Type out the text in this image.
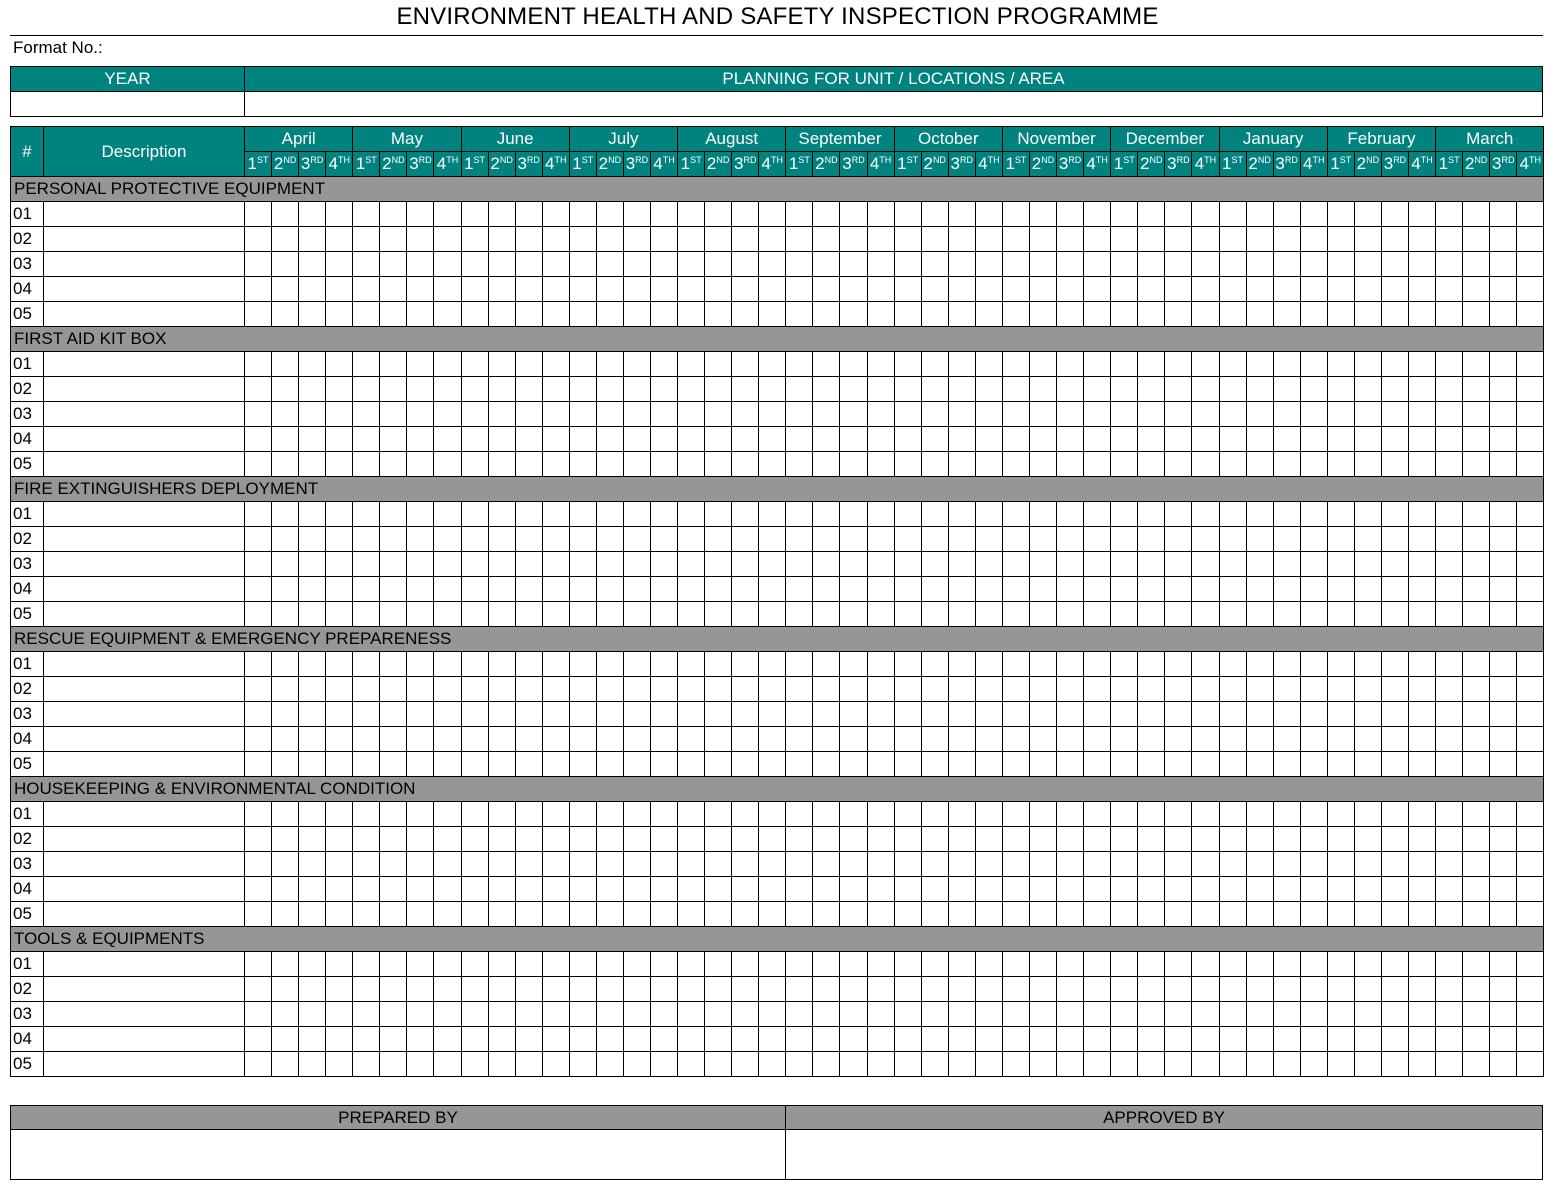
ENVIRONMENT HEALTH AND SAFETY INSPECTION PROGRAMME
Format No.:
YEAR	PLANNING FOR UNIT / LOCATIONS / AREA

#	Description	April				May				June				July				August				September				October				November				December				January				February				March			
		1ST	2ND	3RD	4TH	1ST	2ND	3RD	4TH	1ST	2ND	3RD	4TH	1ST	2ND	3RD	4TH	1ST	2ND	3RD	4TH	1ST	2ND	3RD	4TH	1ST	2ND	3RD	4TH	1ST	2ND	3RD	4TH	1ST	2ND	3RD	4TH	1ST	2ND	3RD	4TH	1ST	2ND	3RD	4TH	1ST	2ND	3RD	4TH
PERSONAL PROTECTIVE EQUIPMENT																																																	
01																																																	
02																																																	
03																																																	
04																																																	
05																																																	
FIRST AID KIT BOX																																																	
01																																																	
02																																																	
03																																																	
04																																																	
05																																																	
FIRE EXTINGUISHERS DEPLOYMENT																																																	
01																																																	
02																																																	
03																																																	
04																																																	
05																																																	
RESCUE EQUIPMENT & EMERGENCY PREPARENESS																																																	
01																																																	
02																																																	
03																																																	
04																																																	
05																																																	
HOUSEKEEPING & ENVIRONMENTAL CONDITION																																																	
01																																																	
02																																																	
03																																																	
04																																																	
05																																																	
TOOLS & EQUIPMENTS																																																	
01																																																	
02																																																	
03																																																	
04																																																	
05																																																	
PREPARED BY	APPROVED BY
